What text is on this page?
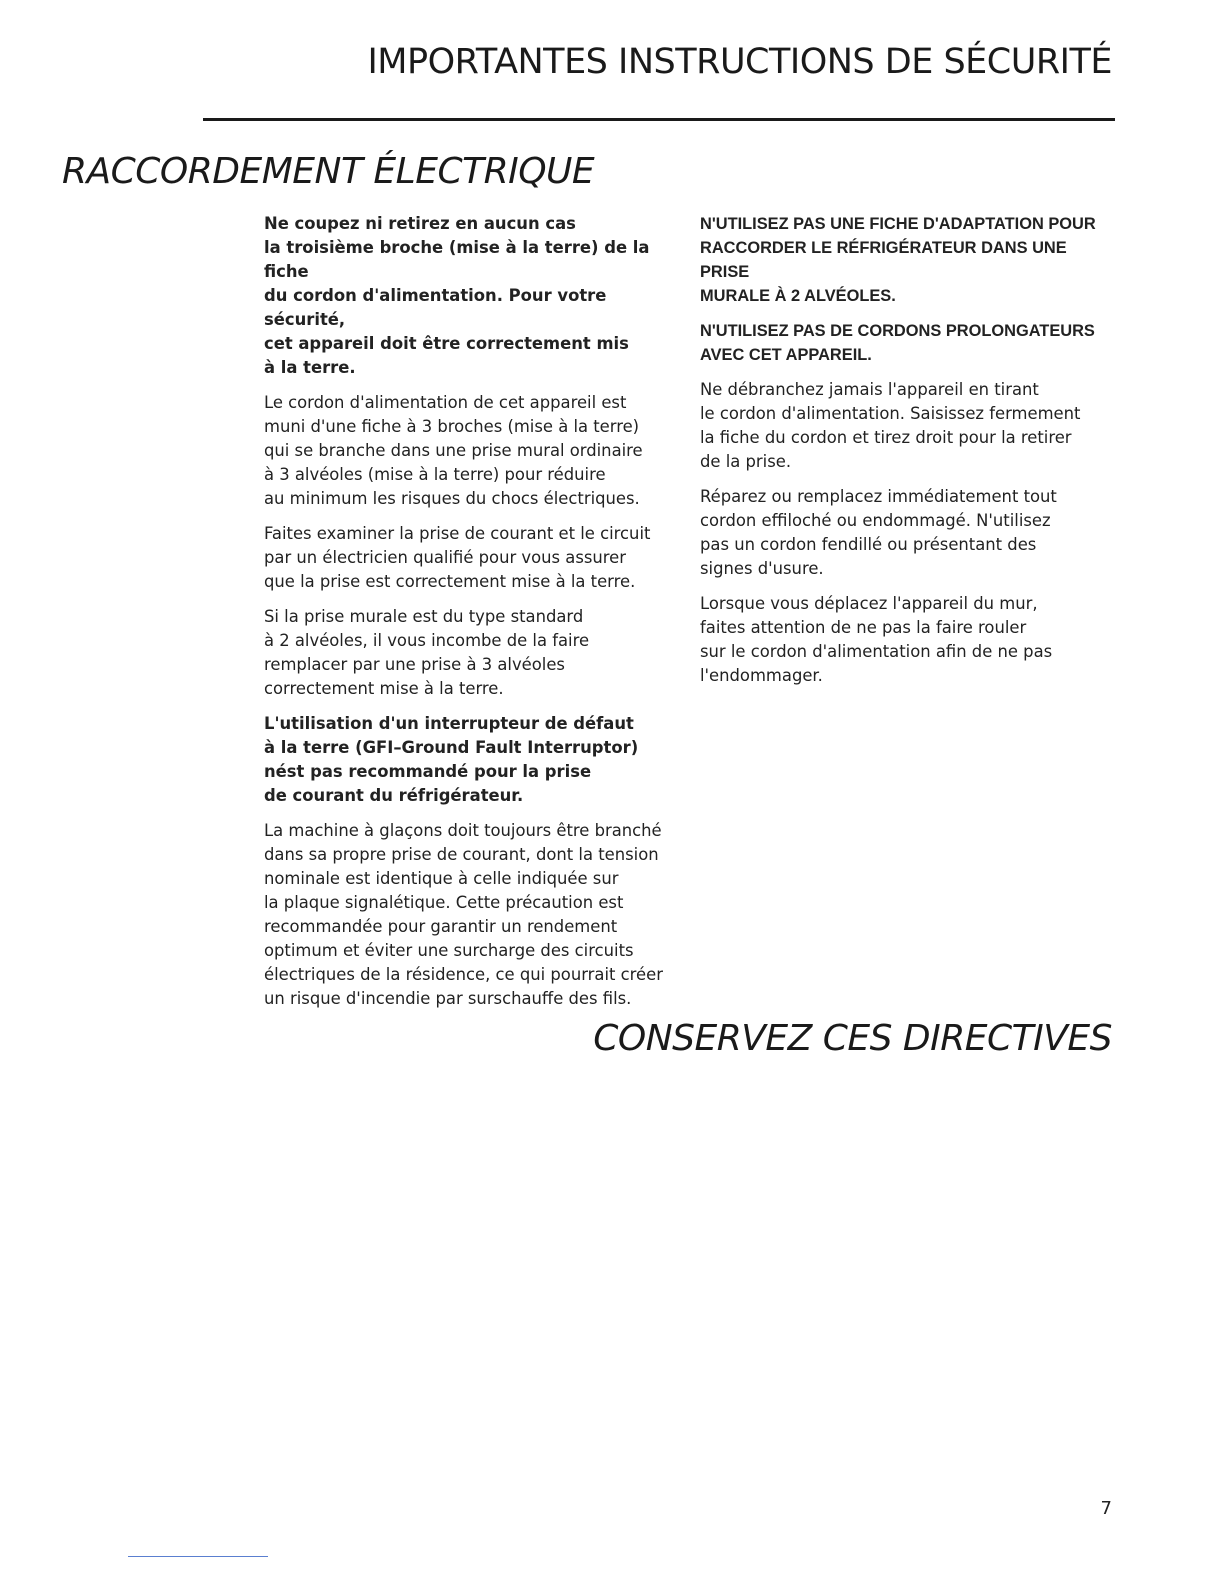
IMPORTANTES INSTRUCTIONS DE SÉCURITÉ
RACCORDEMENT ÉLECTRIQUE

Ne coupez ni retirez en aucun cas
la troisième broche (mise à la terre) de la fiche
du cordon d'alimentation. Pour votre sécurité,
cet appareil doit être correctement mis
à la terre.

Le cordon d'alimentation de cet appareil est
muni d'une fiche à 3 broches (mise à la terre)
qui se branche dans une prise mural ordinaire
à 3 alvéoles (mise à la terre) pour réduire
au minimum les risques du chocs électriques.

Faites examiner la prise de courant et le circuit
par un électricien qualifié pour vous assurer
que la prise est correctement mise à la terre.

Si la prise murale est du type standard
à 2 alvéoles, il vous incombe de la faire
remplacer par une prise à 3 alvéoles
correctement mise à la terre.

L'utilisation d'un interrupteur de défaut
à la terre (GFI–Ground Fault Interruptor)
nést pas recommandé pour la prise
de courant du réfrigérateur.

La machine à glaçons doit toujours être branché
dans sa propre prise de courant, dont la tension
nominale est identique à celle indiquée sur
la plaque signalétique. Cette précaution est
recommandée pour garantir un rendement
optimum et éviter une surcharge des circuits
électriques de la résidence, ce qui pourrait créer
un risque d'incendie par surschauffe des fils.

N'UTILISEZ PAS UNE FICHE D'ADAPTATION POUR
RACCORDER LE RÉFRIGÉRATEUR DANS UNE PRISE
MURALE À 2 ALVÉOLES.

N'UTILISEZ PAS DE CORDONS PROLONGATEURS
AVEC CET APPAREIL.

Ne débranchez jamais l'appareil en tirant
le cordon d'alimentation. Saisissez fermement
la fiche du cordon et tirez droit pour la retirer
de la prise.

Réparez ou remplacez immédiatement tout
cordon effiloché ou endommagé. N'utilisez
pas un cordon fendillé ou présentant des
signes d'usure.

Lorsque vous déplacez l'appareil du mur,
faites attention de ne pas la faire rouler
sur le cordon d'alimentation afin de ne pas
l'endommager.

CONSERVEZ CES DIRECTIVES
7
